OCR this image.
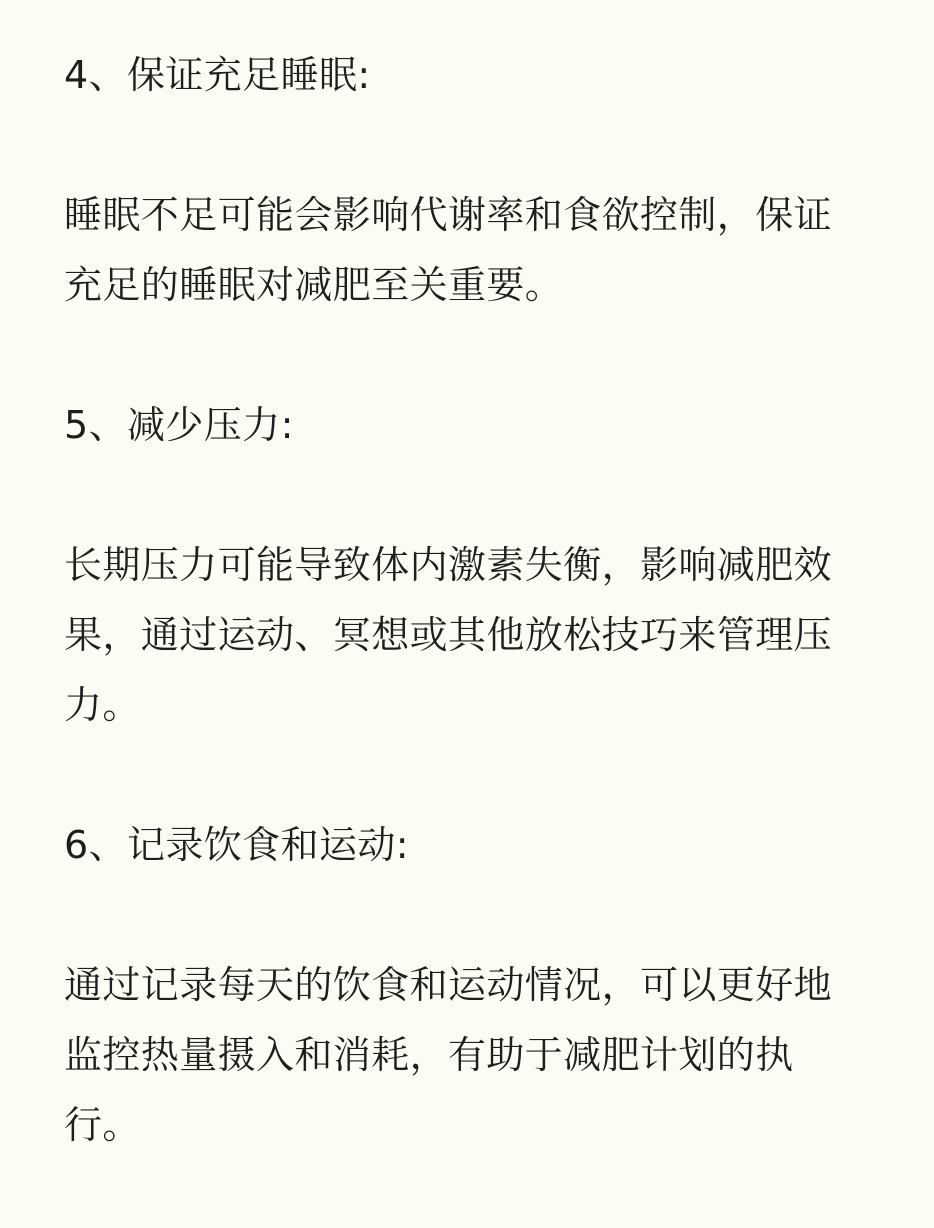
4、保证充足睡眠:

睡眠不足可能会影响代谢率和食欲控制，保证充足的睡眠对减肥至关重要。

5、减少压力:

长期压力可能导致体内激素失衡，影响减肥效果，通过运动、冥想或其他放松技巧来管理压力。

6、记录饮食和运动:

通过记录每天的饮食和运动情况，可以更好地监控热量摄入和消耗，有助于减肥计划的执行。
